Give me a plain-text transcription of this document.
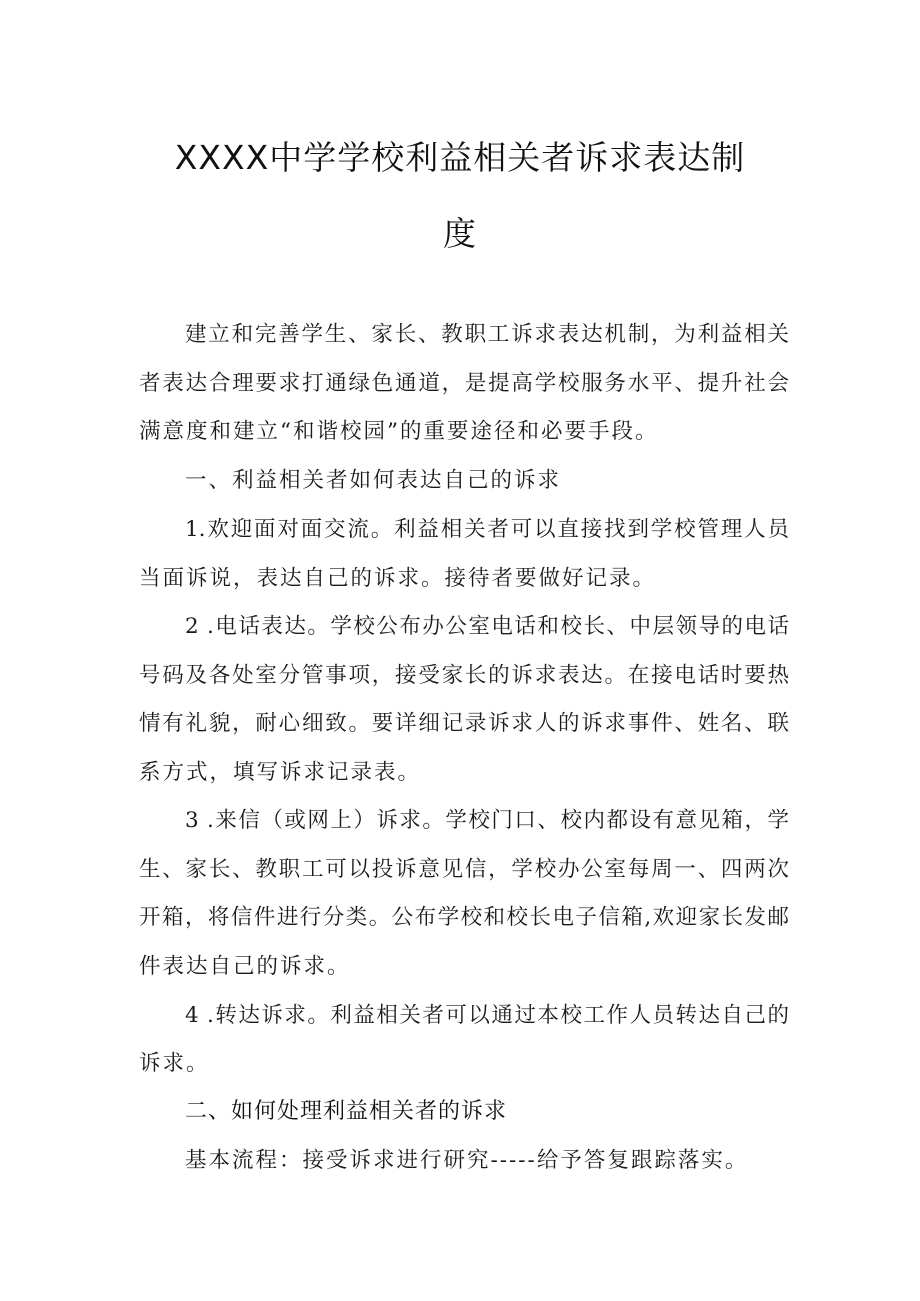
XXXX中学学校利益相关者诉求表达制
度
建立和完善学生、家长、教职工诉求表达机制，为利益相关
者表达合理要求打通绿色通道，是提高学校服务水平、提升社会
满意度和建立“和谐校园”的重要途径和必要手段。
一、利益相关者如何表达自己的诉求
1.欢迎面对面交流。利益相关者可以直接找到学校管理人员
当面诉说，表达自己的诉求。接待者要做好记录。
2 .电话表达。学校公布办公室电话和校长、中层领导的电话
号码及各处室分管事项，接受家长的诉求表达。在接电话时要热
情有礼貌，耐心细致。要详细记录诉求人的诉求事件、姓名、联
系方式，填写诉求记录表。
3 .来信（或网上）诉求。学校门口、校内都设有意见箱，学
生、家长、教职工可以投诉意见信，学校办公室每周一、四两次
开箱，将信件进行分类。公布学校和校长电子信箱,欢迎家长发邮
件表达自己的诉求。
4 .转达诉求。利益相关者可以通过本校工作人员转达自己的
诉求。
二、如何处理利益相关者的诉求
基本流程：接受诉求进行研究-----给予答复跟踪落实。
